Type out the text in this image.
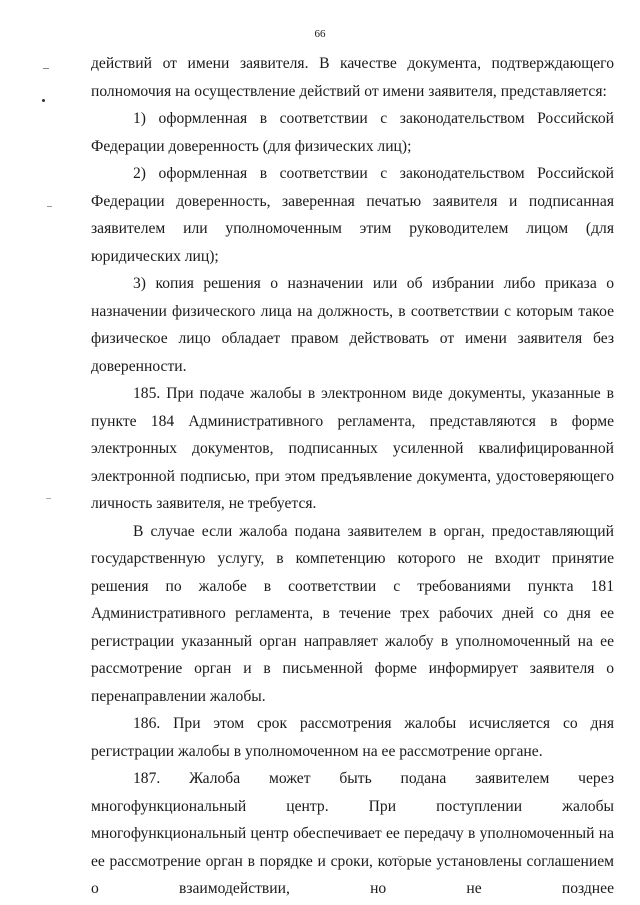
66

действий от имени заявителя. В качестве документа, подтверждающего полномочия на осуществление действий от имени заявителя, представляется:

1) оформленная в соответствии с законодательством Российской Федерации доверенность (для физических лиц);

2) оформленная в соответствии с законодательством Российской Федерации доверенность, заверенная печатью заявителя и подписанная заявителем или уполномоченным этим руководителем лицом (для юридических лиц);

3) копия решения о назначении или об избрании либо приказа о назначении физического лица на должность, в соответствии с которым такое физическое лицо обладает правом действовать от имени заявителя без доверенности.

185. При подаче жалобы в электронном виде документы, указанные в пункте 184 Административного регламента, представляются в форме электронных документов, подписанных усиленной квалифицированной электронной подписью, при этом предъявление документа, удостоверяющего личность заявителя, не требуется.

В случае если жалоба подана заявителем в орган, предоставляющий государственную услугу, в компетенцию которого не входит принятие решения по жалобе в соответствии с требованиями пункта 181 Административного регламента, в течение трех рабочих дней со дня ее регистрации указанный орган направляет жалобу в уполномоченный на ее рассмотрение орган и в письменной форме информирует заявителя о перенаправлении жалобы.

186. При этом срок рассмотрения жалобы исчисляется со дня регистрации жалобы в уполномоченном на ее рассмотрение органе.

187. Жалоба может быть подана заявителем через многофункциональный центр. При поступлении жалобы многофункциональный центр обеспечивает ее передачу в уполномоченный на ее рассмотрение орган в порядке и сроки, которые установлены соглашением о взаимодействии, но не позднее
